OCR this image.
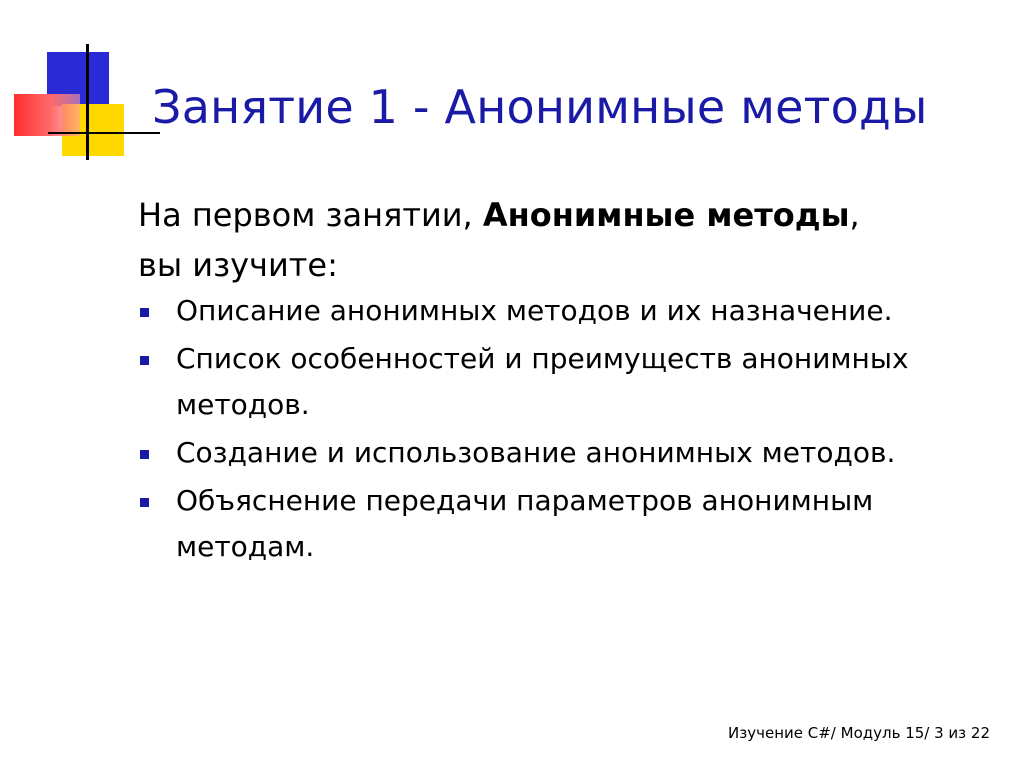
Занятие 1 - Анонимные методы
На первом занятии, Анонимные методы,
вы изучите:
Описание анонимных методов и их назначение.
Список особенностей и преимуществ анонимных методов.
Создание и использование анонимных методов.
Объяснение передачи параметров анонимным методам.
Изучение C#/ Модуль 15/ 3 из 22
